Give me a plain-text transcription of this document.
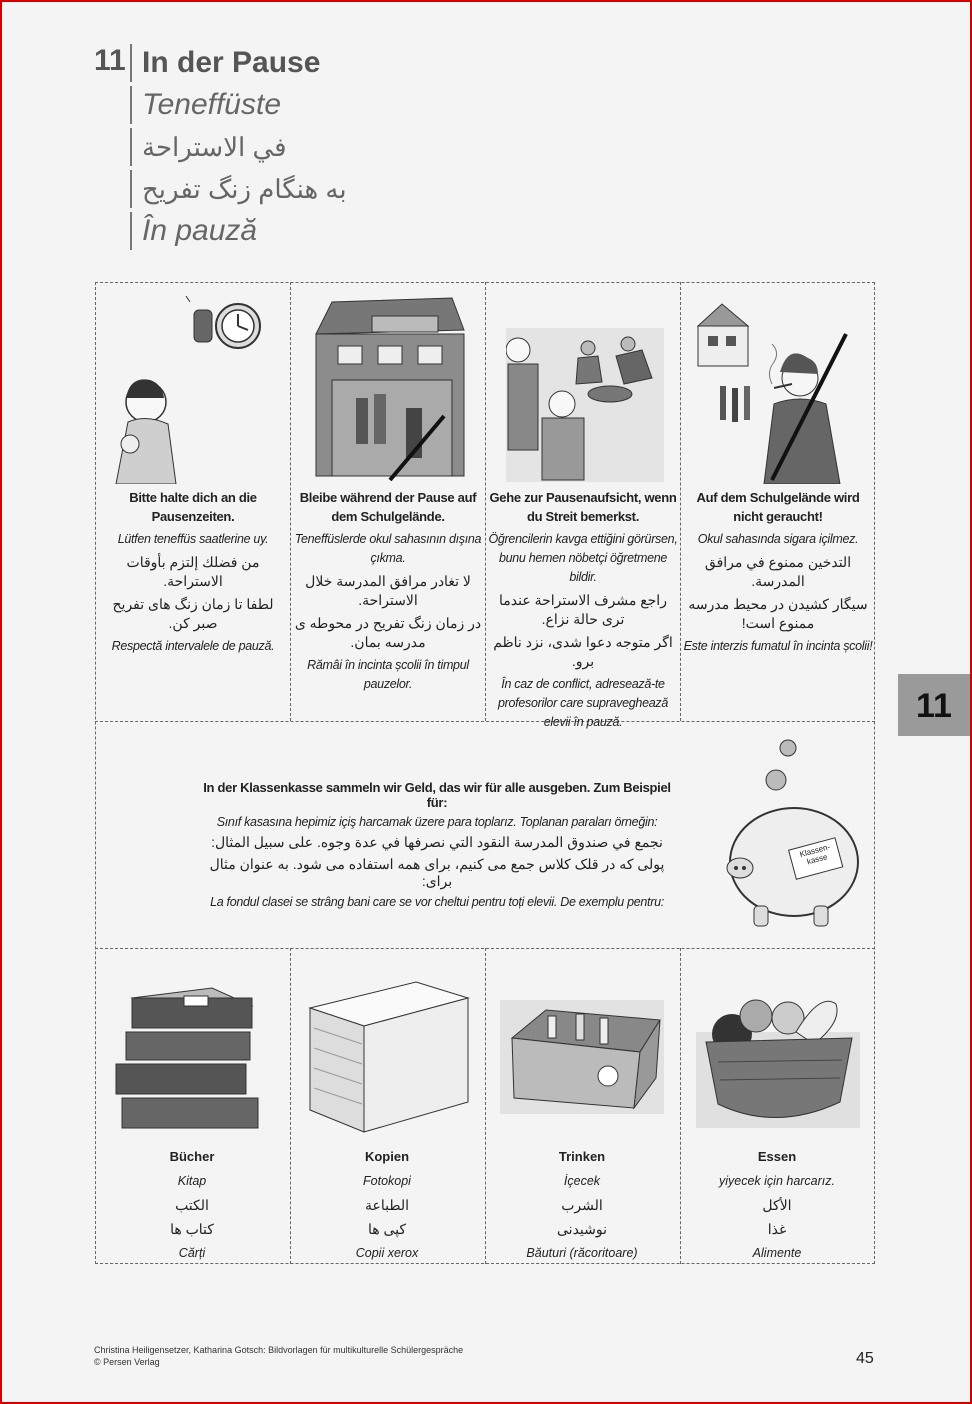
11 In der Pause
Teneffüste
في الاستراحة
به هنگام زنگ تفریح
În pauză
Bitte halte dich an die Pausenzeiten.
Lütfen teneffüs saatlerine uy.
من فضلك إلتزم بأوقات الاستراحة.
لطفا تا زمان زنگ های تفریح صبر کن.
Respectă intervalele de pauză.
Bleibe während der Pause auf dem Schulgelände.
Teneffüslerde okul sahasının dışına çıkma.
لا تغادر مرافق المدرسة خلال الاستراحة.
در زمان زنگ تفریح در محوطه ی مدرسه بمان.
Rămâi în incinta școlii în timpul pauzelor.
Gehe zur Pausenaufsicht, wenn du Streit bemerkst.
Öğrencilerin kavga ettiğini görürsen, bunu hemen nöbetçi öğretmene bildir.
راجع مشرف الاستراحة عندما ترى حالة نزاع.
اگر متوجه دعوا شدی، نزد ناظم برو.
În caz de conflict, adresează-te profesorilor care supraveghează elevii în pauză.
Auf dem Schulgelände wird nicht geraucht!
Okul sahasında sigara içilmez.
التدخين ممنوع في مرافق المدرسة.
سیگار کشیدن در محیط مدرسه ممنوع است!
Este interzis fumatul în incinta școlii!
In der Klassenkasse sammeln wir Geld, das wir für alle ausgeben. Zum Beispiel für:
Sınıf kasasına hepimiz içiş harcamak üzere para toplarız. Toplanan paraları örneğin:
نجمع في صندوق المدرسة النقود التي نصرفها في عدة وجوه. على سبيل المثال:
پولی که در قلک کلاس جمع می کنیم، برای همه استفاده می شود. به عنوان مثال برای:
La fondul clasei se strâng bani care se vor cheltui pentru toți elevii. De exemplu pentru:
Klassen-kasse
Bücher
Kitap
الكتب
کتاب ها
Cărți
Kopien
Fotokopi
الطباعة
کپی ها
Copii xerox
Trinken
İçecek
الشرب
نوشیدنی
Băuturi (răcoritoare)
Essen
yiyecek için harcarız.
الأكل
غذا
Alimente
11
Christina Heiligensetzer, Katharina Gotsch: Bildvorlagen für multikulturelle Schülergespräche
© Persen Verlag	45
